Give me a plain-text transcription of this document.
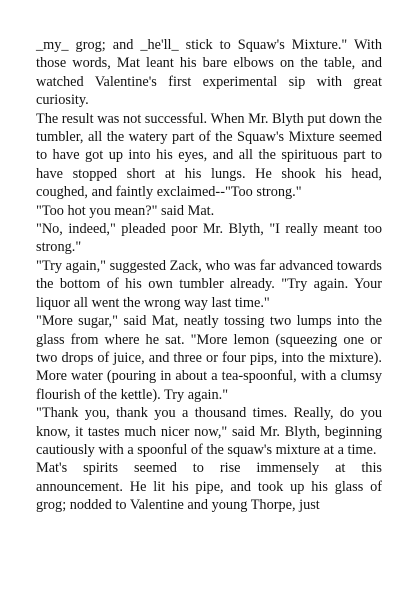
_my_ grog; and _he'll_ stick to Squaw's Mixture." With those words, Mat leant his bare elbows on the table, and watched Valentine's first experimental sip with great curiosity.

The result was not successful. When Mr. Blyth put down the tumbler, all the watery part of the Squaw's Mixture seemed to have got up into his eyes, and all the spirituous part to have stopped short at his lungs. He shook his head, coughed, and faintly exclaimed--"Too strong."

"Too hot you mean?" said Mat.

"No, indeed," pleaded poor Mr. Blyth, "I really meant too strong."

"Try again," suggested Zack, who was far advanced towards the bottom of his own tumbler already. "Try again. Your liquor all went the wrong way last time."

"More sugar," said Mat, neatly tossing two lumps into the glass from where he sat. "More lemon (squeezing one or two drops of juice, and three or four pips, into the mixture). More water (pouring in about a tea-spoonful, with a clumsy flourish of the kettle). Try again."

"Thank you, thank you a thousand times. Really, do you know, it tastes much nicer now," said Mr. Blyth, beginning cautiously with a spoonful of the squaw's mixture at a time.

Mat's spirits seemed to rise immensely at this announcement. He lit his pipe, and took up his glass of grog; nodded to Valentine and young Thorpe, just
